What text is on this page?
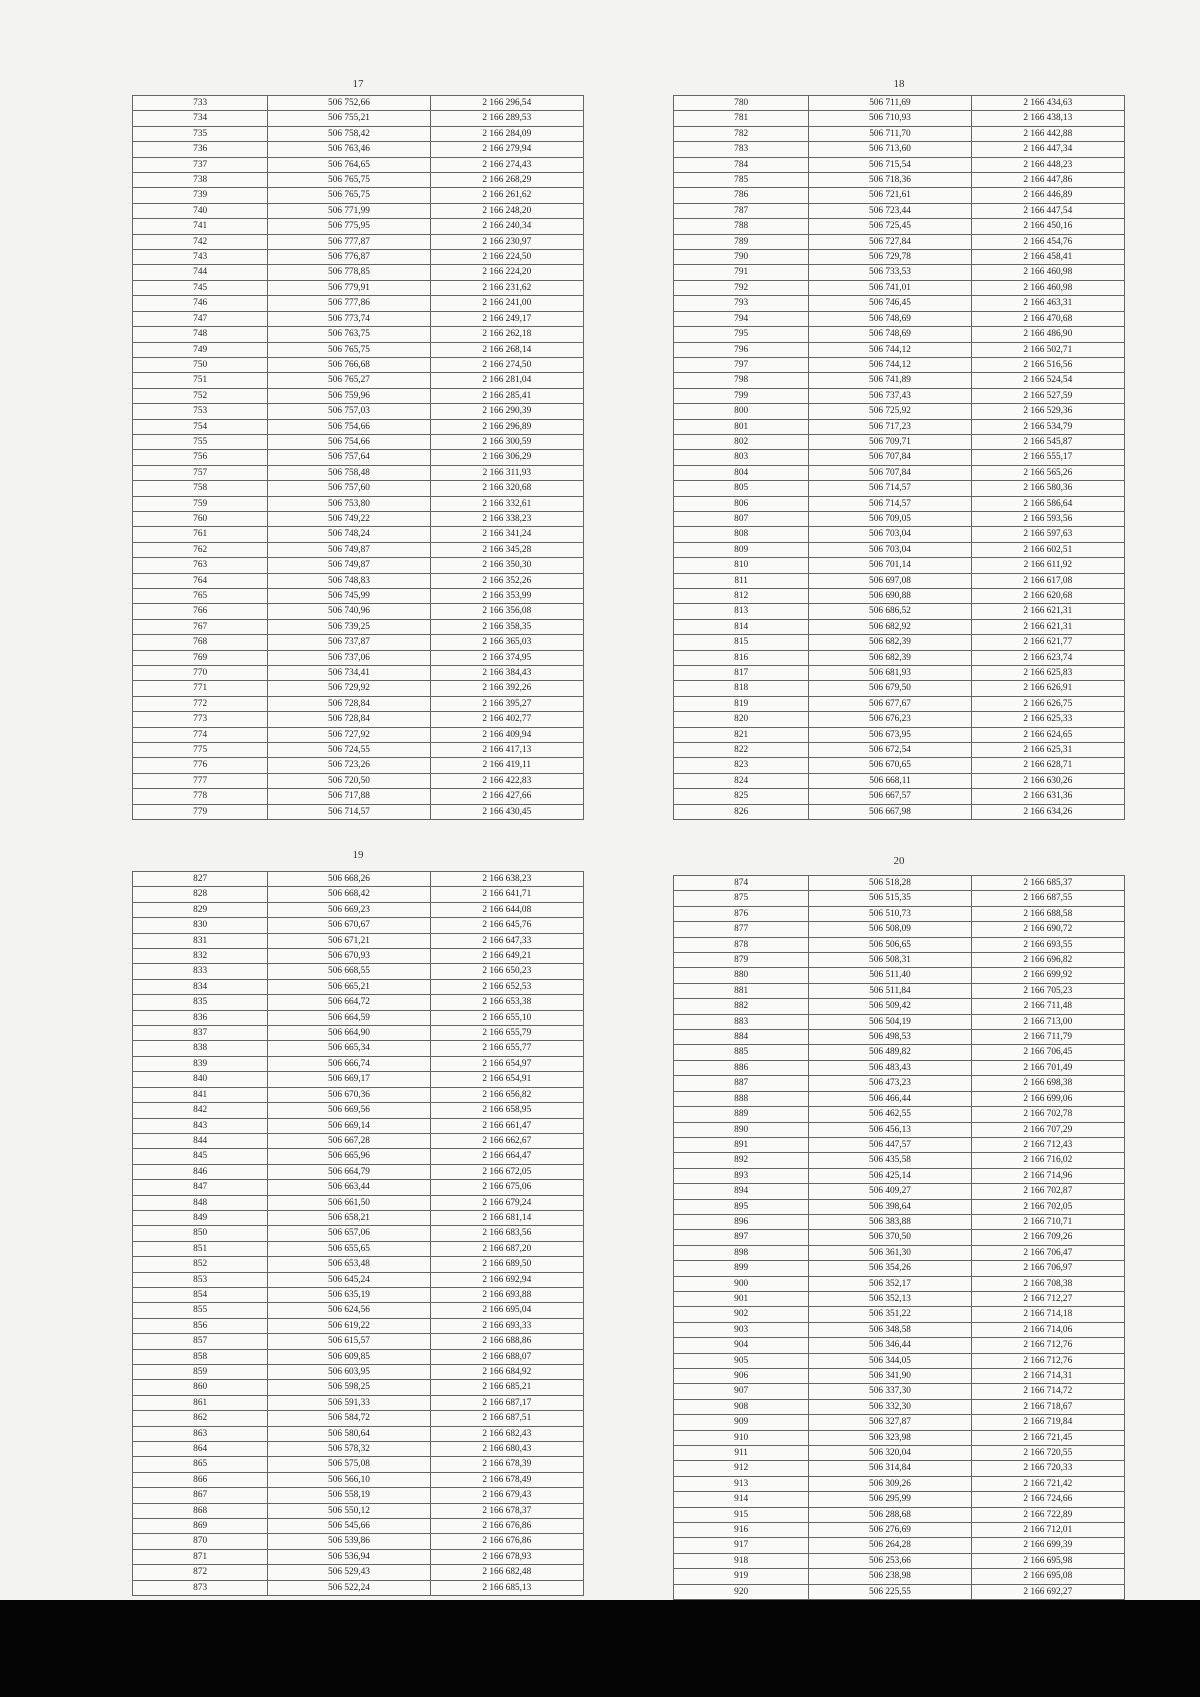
17
733	506 752,66	2 166 296,54
734	506 755,21	2 166 289,53
735	506 758,42	2 166 284,09
736	506 763,46	2 166 279,94
737	506 764,65	2 166 274,43
738	506 765,75	2 166 268,29
739	506 765,75	2 166 261,62
740	506 771,99	2 166 248,20
741	506 775,95	2 166 240,34
742	506 777,87	2 166 230,97
743	506 776,87	2 166 224,50
744	506 778,85	2 166 224,20
745	506 779,91	2 166 231,62
746	506 777,86	2 166 241,00
747	506 773,74	2 166 249,17
748	506 763,75	2 166 262,18
749	506 765,75	2 166 268,14
750	506 766,68	2 166 274,50
751	506 765,27	2 166 281,04
752	506 759,96	2 166 285,41
753	506 757,03	2 166 290,39
754	506 754,66	2 166 296,89
755	506 754,66	2 166 300,59
756	506 757,64	2 166 306,29
757	506 758,48	2 166 311,93
758	506 757,60	2 166 320,68
759	506 753,80	2 166 332,61
760	506 749,22	2 166 338,23
761	506 748,24	2 166 341,24
762	506 749,87	2 166 345,28
763	506 749,87	2 166 350,30
764	506 748,83	2 166 352,26
765	506 745,99	2 166 353,99
766	506 740,96	2 166 356,08
767	506 739,25	2 166 358,35
768	506 737,87	2 166 365,03
769	506 737,06	2 166 374,95
770	506 734,41	2 166 384,43
771	506 729,92	2 166 392,26
772	506 728,84	2 166 395,27
773	506 728,84	2 166 402,77
774	506 727,92	2 166 409,94
775	506 724,55	2 166 417,13
776	506 723,26	2 166 419,11
777	506 720,50	2 166 422,83
778	506 717,88	2 166 427,66
779	506 714,57	2 166 430,45
18
780	506 711,69	2 166 434,63
781	506 710,93	2 166 438,13
782	506 711,70	2 166 442,88
783	506 713,60	2 166 447,34
784	506 715,54	2 166 448,23
785	506 718,36	2 166 447,86
786	506 721,61	2 166 446,89
787	506 723,44	2 166 447,54
788	506 725,45	2 166 450,16
789	506 727,84	2 166 454,76
790	506 729,78	2 166 458,41
791	506 733,53	2 166 460,98
792	506 741,01	2 166 460,98
793	506 746,45	2 166 463,31
794	506 748,69	2 166 470,68
795	506 748,69	2 166 486,90
796	506 744,12	2 166 502,71
797	506 744,12	2 166 516,56
798	506 741,89	2 166 524,54
799	506 737,43	2 166 527,59
800	506 725,92	2 166 529,36
801	506 717,23	2 166 534,79
802	506 709,71	2 166 545,87
803	506 707,84	2 166 555,17
804	506 707,84	2 166 565,26
805	506 714,57	2 166 580,36
806	506 714,57	2 166 586,64
807	506 709,05	2 166 593,56
808	506 703,04	2 166 597,63
809	506 703,04	2 166 602,51
810	506 701,14	2 166 611,92
811	506 697,08	2 166 617,08
812	506 690,88	2 166 620,68
813	506 686,52	2 166 621,31
814	506 682,92	2 166 621,31
815	506 682,39	2 166 621,77
816	506 682,39	2 166 623,74
817	506 681,93	2 166 625,83
818	506 679,50	2 166 626,91
819	506 677,67	2 166 626,75
820	506 676,23	2 166 625,33
821	506 673,95	2 166 624,65
822	506 672,54	2 166 625,31
823	506 670,65	2 166 628,71
824	506 668,11	2 166 630,26
825	506 667,57	2 166 631,36
826	506 667,98	2 166 634,26
19
827	506 668,26	2 166 638,23
828	506 668,42	2 166 641,71
829	506 669,23	2 166 644,08
830	506 670,67	2 166 645,76
831	506 671,21	2 166 647,33
832	506 670,93	2 166 649,21
833	506 668,55	2 166 650,23
834	506 665,21	2 166 652,53
835	506 664,72	2 166 653,38
836	506 664,59	2 166 655,10
837	506 664,90	2 166 655,79
838	506 665,34	2 166 655,77
839	506 666,74	2 166 654,97
840	506 669,17	2 166 654,91
841	506 670,36	2 166 656,82
842	506 669,56	2 166 658,95
843	506 669,14	2 166 661,47
844	506 667,28	2 166 662,67
845	506 665,96	2 166 664,47
846	506 664,79	2 166 672,05
847	506 663,44	2 166 675,06
848	506 661,50	2 166 679,24
849	506 658,21	2 166 681,14
850	506 657,06	2 166 683,56
851	506 655,65	2 166 687,20
852	506 653,48	2 166 689,50
853	506 645,24	2 166 692,94
854	506 635,19	2 166 693,88
855	506 624,56	2 166 695,04
856	506 619,22	2 166 693,33
857	506 615,57	2 166 688,86
858	506 609,85	2 166 688,07
859	506 603,95	2 166 684,92
860	506 598,25	2 166 685,21
861	506 591,33	2 166 687,17
862	506 584,72	2 166 687,51
863	506 580,64	2 166 682,43
864	506 578,32	2 166 680,43
865	506 575,08	2 166 678,39
866	506 566,10	2 166 678,49
867	506 558,19	2 166 679,43
868	506 550,12	2 166 678,37
869	506 545,66	2 166 676,86
870	506 539,86	2 166 676,86
871	506 536,94	2 166 678,93
872	506 529,43	2 166 682,48
873	506 522,24	2 166 685,13
20
874	506 518,28	2 166 685,37
875	506 515,35	2 166 687,55
876	506 510,73	2 166 688,58
877	506 508,09	2 166 690,72
878	506 506,65	2 166 693,55
879	506 508,31	2 166 696,82
880	506 511,40	2 166 699,92
881	506 511,84	2 166 705,23
882	506 509,42	2 166 711,48
883	506 504,19	2 166 713,00
884	506 498,53	2 166 711,79
885	506 489,82	2 166 706,45
886	506 483,43	2 166 701,49
887	506 473,23	2 166 698,38
888	506 466,44	2 166 699,06
889	506 462,55	2 166 702,78
890	506 456,13	2 166 707,29
891	506 447,57	2 166 712,43
892	506 435,58	2 166 716,02
893	506 425,14	2 166 714,96
894	506 409,27	2 166 702,87
895	506 398,64	2 166 702,05
896	506 383,88	2 166 710,71
897	506 370,50	2 166 709,26
898	506 361,30	2 166 706,47
899	506 354,26	2 166 706,97
900	506 352,17	2 166 708,38
901	506 352,13	2 166 712,27
902	506 351,22	2 166 714,18
903	506 348,58	2 166 714,06
904	506 346,44	2 166 712,76
905	506 344,05	2 166 712,76
906	506 341,90	2 166 714,31
907	506 337,30	2 166 714,72
908	506 332,30	2 166 718,67
909	506 327,87	2 166 719,84
910	506 323,98	2 166 721,45
911	506 320,04	2 166 720,55
912	506 314,84	2 166 720,33
913	506 309,26	2 166 721,42
914	506 295,99	2 166 724,66
915	506 288,68	2 166 722,89
916	506 276,69	2 166 712,01
917	506 264,28	2 166 699,39
918	506 253,66	2 166 695,98
919	506 238,98	2 166 695,08
920	506 225,55	2 166 692,27
